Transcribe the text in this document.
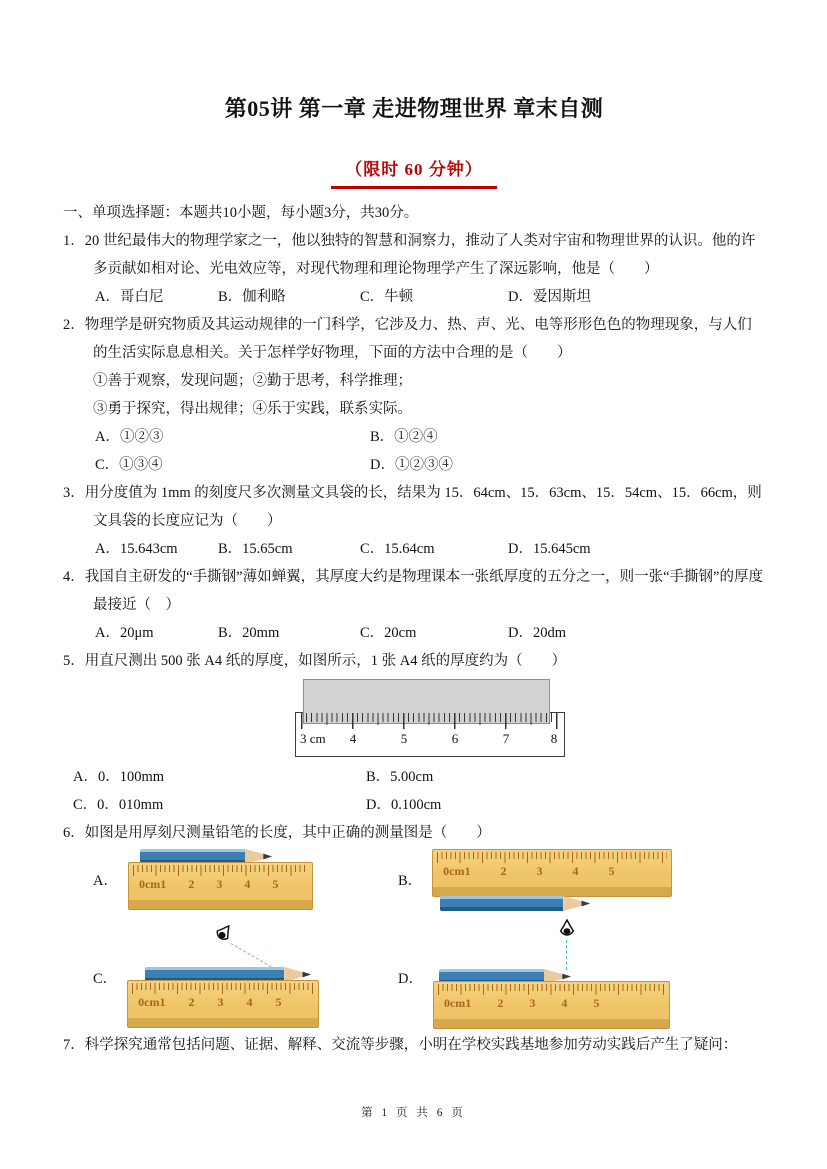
第05讲 第一章 走进物理世界 章末自测
（限时 60 分钟）

一、单项选择题：本题共10小题，每小题3分，共30分。

1．20 世纪最伟大的物理学家之一，他以独特的智慧和洞察力，推动了人类对宇宙和物理世界的认识。他的许多贡献如相对论、光电效应等，对现代物理和理论物理学产生了深远影响，他是（　　）

A．哥白尼	B．伽利略	C．牛顿	D．爱因斯坦

2．物理学是研究物质及其运动规律的一门科学，它涉及力、热、声、光、电等形形色色的物理现象，与人们的生活实际息息相关。关于怎样学好物理，下面的方法中合理的是（　　）

①善于观察，发现问题；②勤于思考，科学推理；

③勇于探究，得出规律；④乐于实践，联系实际。

A．①②③	B．①②④
C．①③④	D．①②③④

3．用分度值为 1mm 的刻度尺多次测量文具袋的长，结果为 15．64cm、15．63cm、15．54cm、15．66cm，则文具袋的长度应记为（　　）

A．15.643cm	B．15.65cm	C．15.64cm	D．15.645cm

4．我国自主研发的“手撕钢”薄如蝉翼，其厚度大约是物理课本一张纸厚度的五分之一，则一张“手撕钢”的厚度最接近（　）

A．20μm	B．20mm	C．20cm	D．20dm

5．用直尺测出 500 张 A4 纸的厚度，如图所示，1 张 A4 纸的厚度约为（　　）

3 cm 4	5	6	7	8
A．0．100mm	B．5.00cm
C．0．010mm	D．0.100cm

6．如图是用厚刻尺测量铅笔的长度，其中正确的测量图是（　　）

A． 0cm1 2 3 4 5	B．
0cm1	2	3	4	5
C．
0cm1 2 3 4 5
D．
0cm1 2 3 4 5

7．科学探究通常包括问题、证据、解释、交流等步骤，小明在学校实践基地参加劳动实践后产生了疑问：

第 1 页 共 6 页
